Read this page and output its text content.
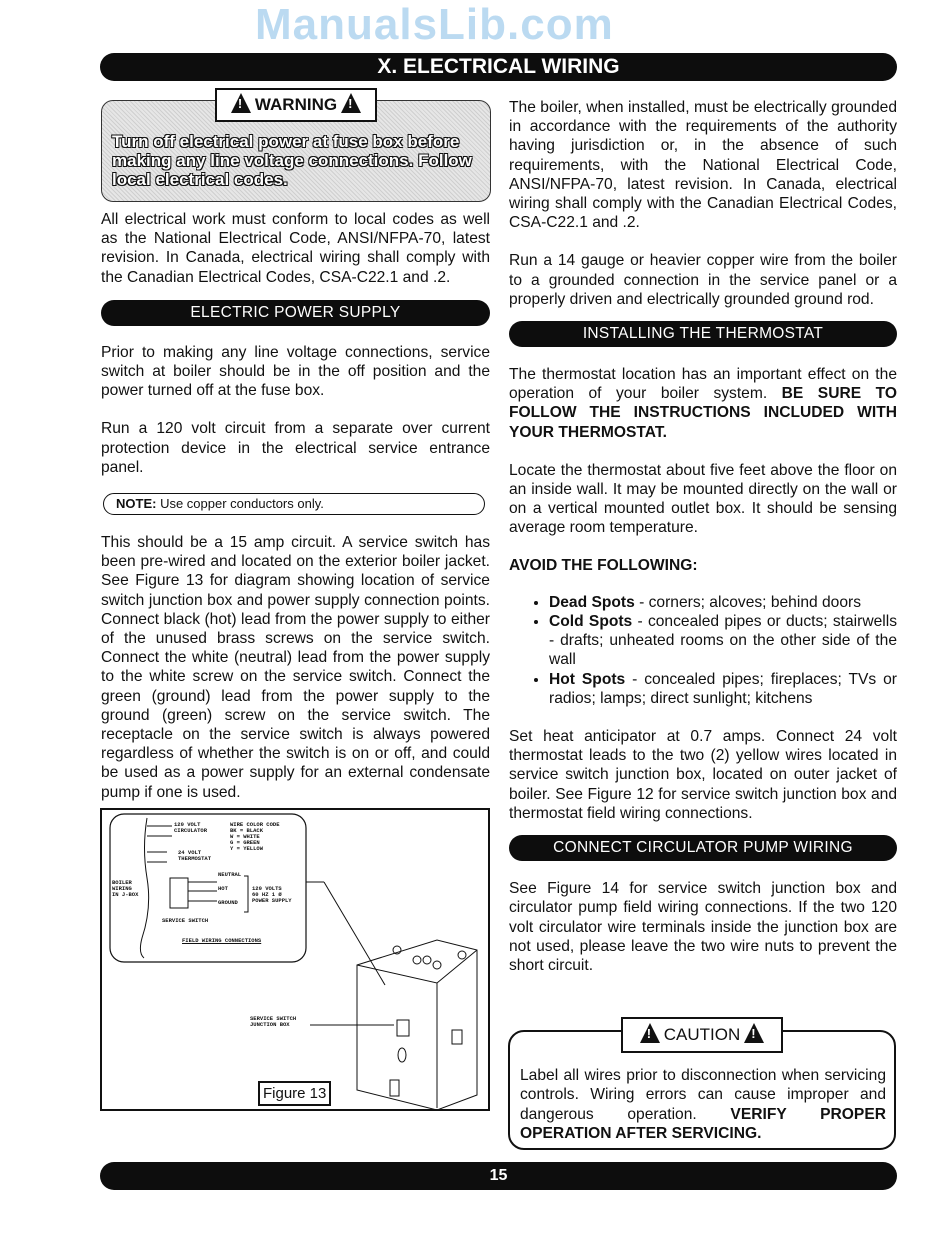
ManualsLib.com
X. ELECTRICAL WIRING
!WARNING!
Turn off electrical power at fuse box before making any line voltage connections. Follow local electrical codes.

All electrical work must conform to local codes as well as the National Electrical Code, ANSI/NFPA-70, latest revision. In Canada, electrical wiring shall comply with the Canadian Electrical Codes, CSA-C22.1 and .2.

ELECTRIC POWER SUPPLY

Prior to making any line voltage connections, service switch at boiler should be in the off position and the power turned off at the fuse box.

Run a 120 volt circuit from a separate over current protection device in the electrical service entrance panel.

NOTE: Use copper conductors only.

This should be a 15 amp circuit. A service switch has been pre-wired and located on the exterior boiler jacket. See Figure 13 for diagram showing location of service switch junction box and power supply connection points. Connect black (hot) lead from the power supply to either of the unused brass screws on the service switch. Connect the white (neutral) lead from the power supply to the white screw on the service switch. Connect the green (ground) lead from the power supply to the ground (green) screw on the service switch. The receptacle on the service switch is always powered regardless of whether the switch is on or off, and could be used as a power supply for an external condensate pump if one is used.

120 VOLT
CIRCULATOR
WIRE COLOR CODE
BK = BLACK
W = WHITE
G = GREEN
Y = YELLOW
24 VOLT
THERMOSTAT
BOILER
WIRING
IN J-BOX
NEUTRAL
HOT
GROUND
120 VOLTS
60 HZ 1 Ø
POWER SUPPLY
SERVICE SWITCH
FIELD WIRING CONNECTIONS
SERVICE SWITCH
JUNCTION BOX
Figure 13

The boiler, when installed, must be electrically grounded in accordance with the requirements of the authority having jurisdiction or, in the absence of such requirements, with the National Electrical Code, ANSI/NFPA-70, latest revision. In Canada, electrical wiring shall comply with the Canadian Electrical Codes, CSA-C22.1 and .2.

Run a 14 gauge or heavier copper wire from the boiler to a grounded connection in the service panel or a properly driven and electrically grounded ground rod.

INSTALLING THE THERMOSTAT

The thermostat location has an important effect on the operation of your boiler system. BE SURE TO FOLLOW THE INSTRUCTIONS INCLUDED WITH YOUR THERMOSTAT.

Locate the thermostat about five feet above the floor on an inside wall. It may be mounted directly on the wall or on a vertical mounted outlet box. It should be sensing average room temperature.

AVOID THE FOLLOWING:

• Dead Spots - corners; alcoves; behind doors
• Cold Spots - concealed pipes or ducts; stairwells - drafts; unheated rooms on the other side of the wall
• Hot Spots - concealed pipes; fireplaces; TVs or radios; lamps; direct sunlight; kitchens

Set heat anticipator at 0.7 amps. Connect 24 volt thermostat leads to the two (2) yellow wires located in service switch junction box, located on outer jacket of boiler. See Figure 12 for service switch junction box and thermostat field wiring connections.

CONNECT CIRCULATOR PUMP WIRING

See Figure 14 for service switch junction box and circulator pump field wiring connections. If the two 120 volt circulator wire terminals inside the junction box are not used, please leave the two wire nuts to prevent the short circuit.

!CAUTION!
Label all wires prior to disconnection when servicing controls. Wiring errors can cause improper and dangerous operation. VERIFY PROPER OPERATION AFTER SERVICING.
15
